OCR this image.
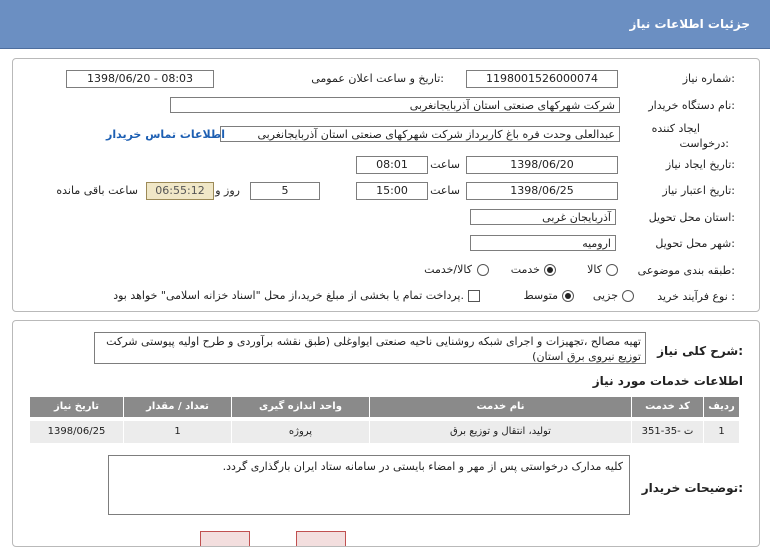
جزئیات اطلاعات نیاز
شماره نیاز:
1198001526000074
تاریخ و ساعت اعلان عمومی:
1398/06/20 - 08:03
نام دستگاه خریدار:
شرکت شهرکهای صنعتی استان آذربایجانغربی
ایجاد کننده
درخواست:
عبدالعلی وحدت فره باغ کاربرداز شرکت شهرکهای صنعتی استان آذربایجانغربی
اطلاعات تماس خریدار
تاریخ ایجاد نیاز:
1398/06/20
ساعت
08:01
تاریخ اعتبار نیاز:
1398/06/25
ساعت
15:00
5
روز و
06:55:12
ساعت باقی مانده
استان محل تحویل:
آذربایجان غربی
شهر محل تحویل:
ارومیه
طبقه بندی موضوعی:
کالا
خدمت
کالا/خدمت
نوع فرآیند خرید :
جزیی
متوسط
پرداخت تمام یا بخشی از مبلغ خرید،از محل "اسناد خزانه اسلامی" خواهد بود.
شرح کلی نیاز:
تهیه مصالح ،تجهیزات و اجرای شبکه روشنایی ناحیه صنعتی ایواوغلی (طبق نقشه برآوردی و طرح اولیه پیوستی شرکت توزیع نیروی برق استان)
اطلاعات خدمات مورد نیاز
ردیف
کد خدمت
نام خدمت
واحد اندازه گیری
تعداد / مقدار
تاریخ نیاز
1
ت -35-351
تولید، انتقال و توزیع برق
پروژه
1
1398/06/25
توضیحات خریدار:
کلیه مدارک درخواستی پس از مهر و امضاء بایستی در سامانه ستاد ایران بارگذاری گردد.
